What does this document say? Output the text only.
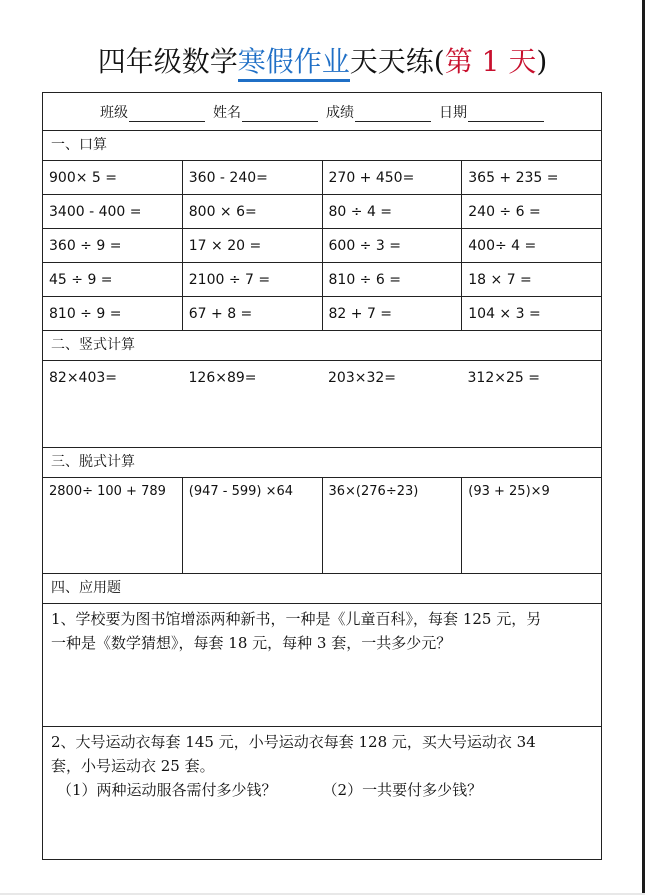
四年级数学寒假作业天天练(第 1 天)
班级	姓名	成绩	日期
一、口算
900× 5 =	360 - 240=	270 + 450=	365 + 235 =
3400 - 400 =	800 × 6=	80 ÷ 4 =	240 ÷ 6 =
360 ÷ 9 =	17 × 20 =	600 ÷ 3 =	400÷ 4 =
45 ÷ 9 =	2100 ÷ 7 =	810 ÷ 6 =	18 × 7 =
810 ÷ 9 =	67 + 8 =	82 + 7 =	104 × 3 =
二、竖式计算
82×403=	126×89=	203×32=	312×25 =
三、脱式计算
2800÷ 100 + 789	(947 - 599) ×64	36×(276÷23)	(93 + 25)×9
四、应用题
1、学校要为图书馆增添两种新书，一种是《儿童百科》，每套 125 元，另
一种是《数学猜想》，每套 18 元，每种 3 套，一共多少元？
2、大号运动衣每套 145 元，小号运动衣每套 128 元，买大号运动衣 34
套，小号运动衣 25 套。
（1）两种运动服各需付多少钱？	（2）一共要付多少钱？
